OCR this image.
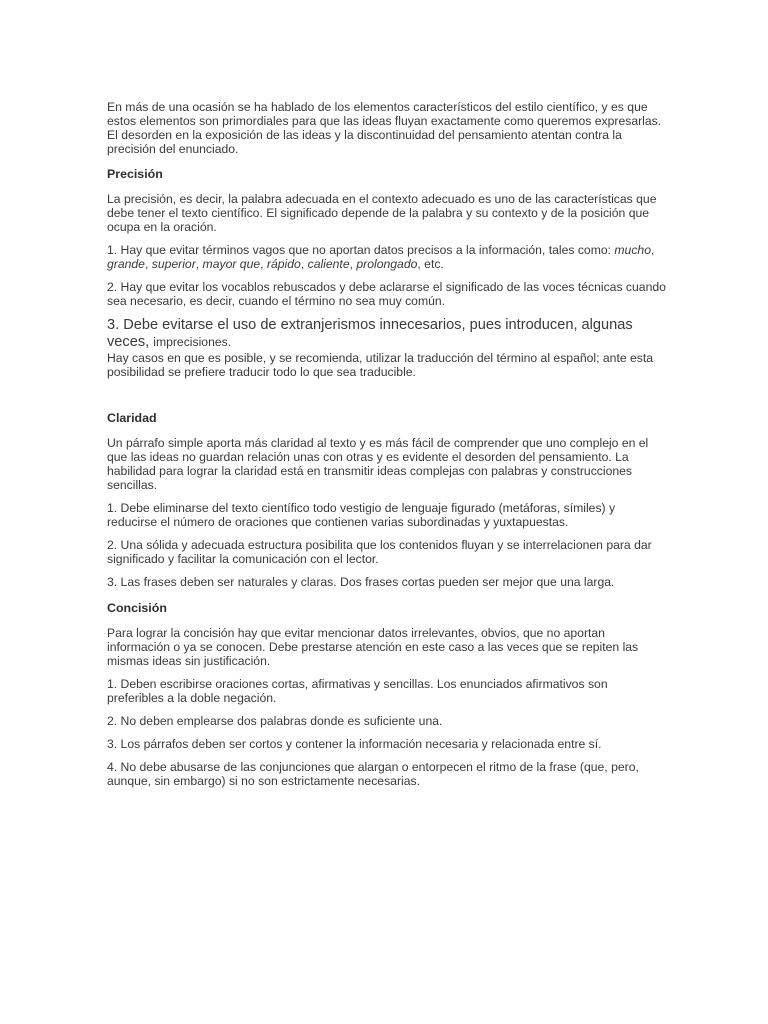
En más de una ocasión se ha hablado de los elementos característicos del estilo científico, y es que estos elementos son primordiales para que las ideas fluyan exactamente como queremos expresarlas. El desorden en la exposición de las ideas y la discontinuidad del pensamiento atentan contra la precisión del enunciado.

Precisión

La precisión, es decir, la palabra adecuada en el contexto adecuado es uno de las características que debe tener el texto científico. El significado depende de la palabra y su contexto y de la posición que ocupa en la oración.

1. Hay que evitar términos vagos que no aportan datos precisos a la información, tales como: mucho, grande, superior, mayor que, rápido, caliente, prolongado, etc.

2. Hay que evitar los vocablos rebuscados y debe aclararse el significado de las voces técnicas cuando sea necesario, es decir, cuando el término no sea muy común.

3. Debe evitarse el uso de extranjerismos innecesarios, pues introducen, algunas veces, imprecisiones.

Hay casos en que es posible, y se recomienda, utilizar la traducción del término al español; ante esta posibilidad se prefiere traducir todo lo que sea traducible.

Claridad

Un párrafo simple aporta más claridad al texto y es más fácil de comprender que uno complejo en el que las ideas no guardan relación unas con otras y es evidente el desorden del pensamiento. La habilidad para lograr la claridad está en transmitir ideas complejas con palabras y construcciones sencillas.

1. Debe eliminarse del texto científico todo vestigio de lenguaje figurado (metáforas, símiles) y reducirse el número de oraciones que contienen varias subordinadas y yuxtapuestas.

2. Una sólida y adecuada estructura posibilita que los contenidos fluyan y se interrelacionen para dar significado y facilitar la comunicación con el lector.

3. Las frases deben ser naturales y claras. Dos frases cortas pueden ser mejor que una larga.

Concisión

Para lograr la concisión hay que evitar mencionar datos irrelevantes, obvios, que no aportan información o ya se conocen. Debe prestarse atención en este caso a las veces que se repiten las mismas ideas sin justificación.

1. Deben escribirse oraciones cortas, afirmativas y sencillas. Los enunciados afirmativos son preferibles a la doble negación.

2. No deben emplearse dos palabras donde es suficiente una.

3. Los párrafos deben ser cortos y contener la información necesaria y relacionada entre sí.

4. No debe abusarse de las conjunciones que alargan o entorpecen el ritmo de la frase (que, pero, aunque, sin embargo) si no son estrictamente necesarias.
